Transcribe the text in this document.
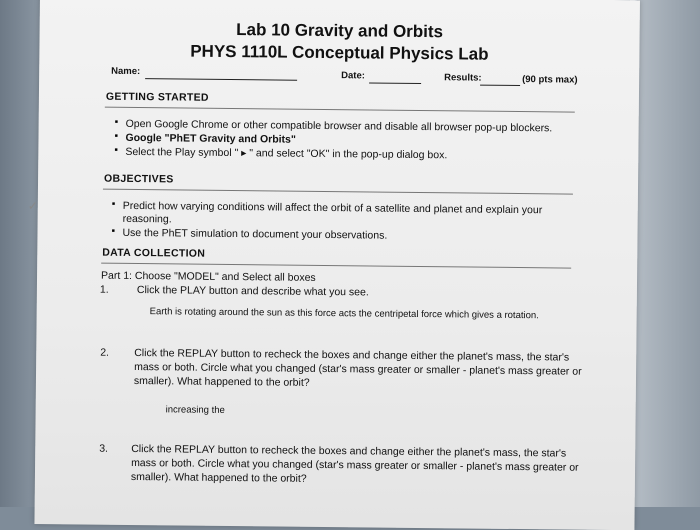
✓
Lab 10 Gravity and Orbits
PHYS 1110L Conceptual Physics Lab
Name:	Date:	Results:	(90 pts max)
GETTING STARTED
▪ Open Google Chrome or other compatible browser and disable all browser pop-up blockers.
▪ Google "PhET Gravity and Orbits"
▪ Select the Play symbol " ▸ " and select "OK" in the pop-up dialog box.
OBJECTIVES
▪ Predict how varying conditions will affect the orbit of a satellite and planet and explain your
reasoning.
▪ Use the PhET simulation to document your observations.
DATA COLLECTION
Part 1: Choose "MODEL" and Select all boxes
1.	Click the PLAY button and describe what you see.
Earth is rotating around the sun as this force acts the centripetal force which gives a rotation.
2. Click the REPLAY button to recheck the boxes and change either the planet's mass, the star's
mass or both. Circle what you changed (star's mass greater or smaller - planet's mass greater or
smaller). What happened to the orbit?
increasing the
3. Click the REPLAY button to recheck the boxes and change either the planet's mass, the star's
mass or both. Circle what you changed (star's mass greater or smaller - planet's mass greater or
smaller). What happened to the orbit?
